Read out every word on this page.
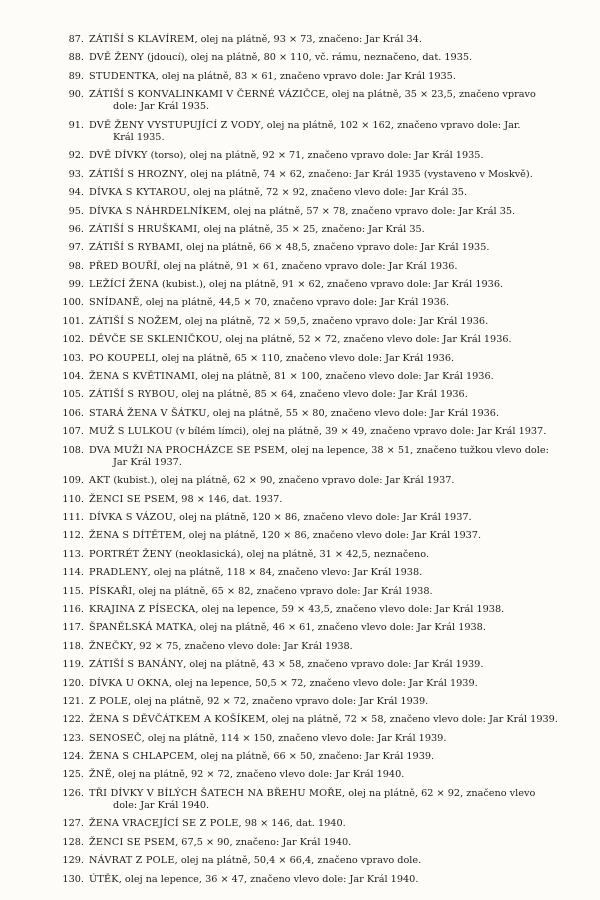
87. ZÁTIŠÍ S KLAVÍREM, olej na plátně, 93 × 73, značeno: Jar Král 34.
88. DVĚ ŽENY (jdoucí), olej na plátně, 80 × 110, vč. rámu, neznačeno, dat. 1935.
89. STUDENTKA, olej na plátně, 83 × 61, značeno vpravo dole: Jar Král 1935.
90. ZÁTIŠÍ S KONVALINKAMI V ČERNÉ VÁZIČCE, olej na plátně, 35 × 23,5, značeno vpravo
dole: Jar Král 1935.
91. DVĚ ŽENY VYSTUPUJÍCÍ Z VODY, olej na plátně, 102 × 162, značeno vpravo dole: Jar.
Král 1935.
92. DVĚ DÍVKY (torso), olej na plátně, 92 × 71, značeno vpravo dole: Jar Král 1935.
93. ZÁTIŠÍ S HROZNY, olej na plátně, 74 × 62, značeno: Jar Král 1935 (vystaveno v Moskvě).
94. DÍVKA S KYTAROU, olej na plátně, 72 × 92, značeno vlevo dole: Jar Král 35.
95. DÍVKA S NÁHRDELNÍKEM, olej na plátně, 57 × 78, značeno vpravo dole: Jar Král 35.
96. ZÁTIŠÍ S HRUŠKAMI, olej na plátně, 35 × 25, značeno: Jar Král 35.
97. ZÁTIŠÍ S RYBAMI, olej na plátně, 66 × 48,5, značeno vpravo dole: Jar Král 1935.
98. PŘED BOUŘÍ, olej na plátně, 91 × 61, značeno vpravo dole: Jar Král 1936.
99. LEŽÍCÍ ŽENA (kubist.), olej na plátně, 91 × 62, značeno vpravo dole: Jar Král 1936.
100. SNÍDANĚ, olej na plátně, 44,5 × 70, značeno vpravo dole: Jar Král 1936.
101. ZÁTIŠÍ S NOŽEM, olej na plátně, 72 × 59,5, značeno vpravo dole: Jar Král 1936.
102. DĚVČE SE SKLENIČKOU, olej na plátně, 52 × 72, značeno vlevo dole: Jar Král 1936.
103. PO KOUPELI, olej na plátně, 65 × 110, značeno vlevo dole: Jar Král 1936.
104. ŽENA S KVĚTINAMI, olej na plátně, 81 × 100, značeno vlevo dole: Jar Král 1936.
105. ZÁTIŠÍ S RYBOU, olej na plátně, 85 × 64, značeno vlevo dole: Jar Král 1936.
106. STARÁ ŽENA V ŠÁTKU, olej na plátně, 55 × 80, značeno vlevo dole: Jar Král 1936.
107. MUŽ S LULKOU (v bílém límci), olej na plátně, 39 × 49, značeno vpravo dole: Jar Král 1937.
108. DVA MUŽI NA PROCHÁZCE SE PSEM, olej na lepence, 38 × 51, značeno tužkou vlevo dole:
Jar Král 1937.
109. AKT (kubist.), olej na plátně, 62 × 90, značeno vpravo dole: Jar Král 1937.
110. ŽENCI SE PSEM, 98 × 146, dat. 1937.
111. DÍVKA S VÁZOU, olej na plátně, 120 × 86, značeno vlevo dole: Jar Král 1937.
112. ŽENA S DÍTĚTEM, olej na plátně, 120 × 86, značeno vlevo dole: Jar Král 1937.
113. PORTRÉT ŽENY (neoklasická), olej na plátně, 31 × 42,5, neznačeno.
114. PRADLENY, olej na plátně, 118 × 84, značeno vlevo: Jar Král 1938.
115. PÍSKAŘI, olej na plátně, 65 × 82, značeno vpravo dole: Jar Král 1938.
116. KRAJINA Z PÍSECKA, olej na lepence, 59 × 43,5, značeno vlevo dole: Jar Král 1938.
117. ŠPANĚLSKÁ MATKA, olej na plátně, 46 × 61, značeno vlevo dole: Jar Král 1938.
118. ŽNEČKY, 92 × 75, značeno vlevo dole: Jar Král 1938.
119. ZÁTIŠÍ S BANÁNY, olej na plátně, 43 × 58, značeno vpravo dole: Jar Král 1939.
120. DÍVKA U OKNA, olej na lepence, 50,5 × 72, značeno vlevo dole: Jar Král 1939.
121. Z POLE, olej na plátně, 92 × 72, značeno vpravo dole: Jar Král 1939.
122. ŽENA S DĚVČÁTKEM A KOŠÍKEM, olej na plátně, 72 × 58, značeno vlevo dole: Jar Král 1939.
123. SENOSEČ, olej na plátně, 114 × 150, značeno vlevo dole: Jar Král 1939.
124. ŽENA S CHLAPCEM, olej na plátně, 66 × 50, značeno: Jar Král 1939.
125. ŽNĚ, olej na plátně, 92 × 72, značeno vlevo dole: Jar Král 1940.
126. TŘI DÍVKY V BÍLÝCH ŠATECH NA BŘEHU MOŘE, olej na plátně, 62 × 92, značeno vlevo
dole: Jar Král 1940.
127. ŽENA VRACEJÍCÍ SE Z POLE, 98 × 146, dat. 1940.
128. ŽENCI SE PSEM, 67,5 × 90, značeno: Jar Král 1940.
129. NÁVRAT Z POLE, olej na plátně, 50,4 × 66,4, značeno vpravo dole.
130. ÚTĚK, olej na lepence, 36 × 47, značeno vlevo dole: Jar Král 1940.
